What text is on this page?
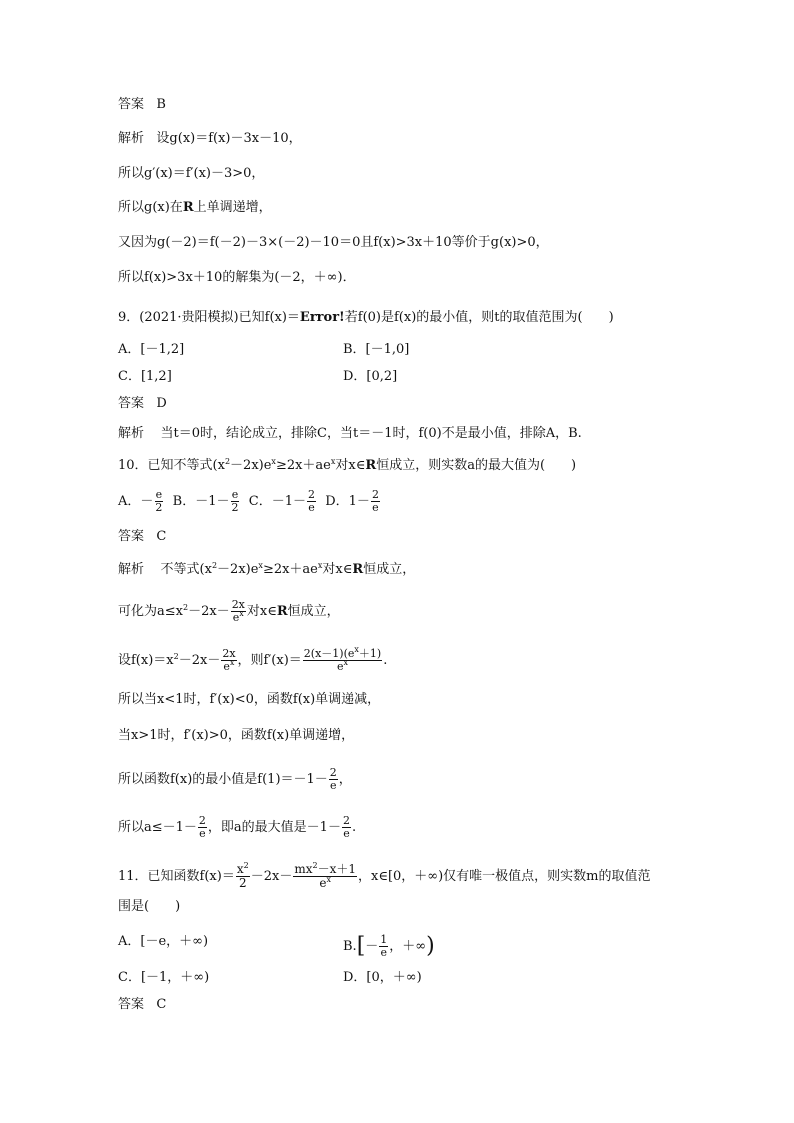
答案 B
解析 设g(x)＝f(x)－3x－10，
所以g′(x)＝f′(x)－3>0，
所以g(x)在R上单调递增，
又因为g(－2)＝f(－2)－3×(－2)－10＝0且f(x)>3x＋10等价于g(x)>0，
所以f(x)>3x＋10的解集为(－2，＋∞)．
9．(2021·贵阳模拟)已知f(x)＝Error!若f(0)是f(x)的最小值，则t的取值范围为(　　)
A．[－1,2]	B．[－1,0]
C．[1,2]	D．[0,2]
答案 D
解析 当t＝0时，结论成立，排除C，当t＝－1时，f(0)不是最小值，排除A，B.
10．已知不等式$(x^2-2x)e^x\ge 2x+ae^x$对x∈R恒成立，则实数a的最大值为(　　)
A．－ $\frac{e}{2}$ B．$-1- \frac{e}{2}$ C．$-1- \frac{2}{e}$ D．$1- \frac{2}{e}$
答案 C
解析 不等式$(x^2-2x)e^x\ge 2x+ae^x$对x∈R恒成立，
可化为$a\le x^2-2x- \frac{2x}{e^x}$ 对x∈R恒成立，
设$f(x)=x^2-2x- \frac{2x}{e^x}$ ，则$f'(x)= \frac{2(x-1)(e^x+1)}{e^x}$ .
所以当x<1时，f′(x)<0，函数f(x)单调递减，
当x>1时，f′(x)>0，函数f(x)单调递增，
所以函数f(x)的最小值是$f(1)=-1- \frac{2}{e}$ ，
所以$a\le-1- \frac{2}{e}$ ，即a的最大值是$-1- \frac{2}{e}$ .
11．已知函数$f(x)= \frac{x^2}{2} -2x- \frac{mx^2-x+1}{e^x}$ ，x∈[0，＋∞)仅有唯一极值点，则实数m的取值范
围是(　　)
A．[－e，＋∞)	$B.[- \frac{1}{e}$ ，＋∞)
C．[－1，＋∞)	D．[0，＋∞)
答案 C
